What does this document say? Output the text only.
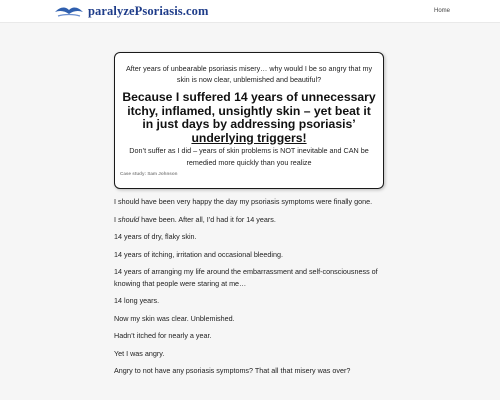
paralyzePsoriasis.com	Home
After years of unbearable psoriasis misery… why would I be so angry that my skin is now clear, unblemished and beautiful?
Because I suffered 14 years of unnecessary itchy, inflamed, unsightly skin – yet beat it in just days by addressing psoriasis’ underlying triggers!
Don’t suffer as I did – years of skin problems is NOT inevitable and CAN be remedied more quickly than you realize
Case study: Sam Johnson

I should have been very happy the day my psoriasis symptoms were finally gone.

I should have been. After all, I’d had it for 14 years.

14 years of dry, flaky skin.

14 years of itching, irritation and occasional bleeding.

14 years of arranging my life around the embarrassment and self-consciousness of knowing that people were staring at me…

14 long years.

Now my skin was clear. Unblemished.

Hadn’t itched for nearly a year.

Yet I was angry.

Angry to not have any psoriasis symptoms? That all that misery was over?
